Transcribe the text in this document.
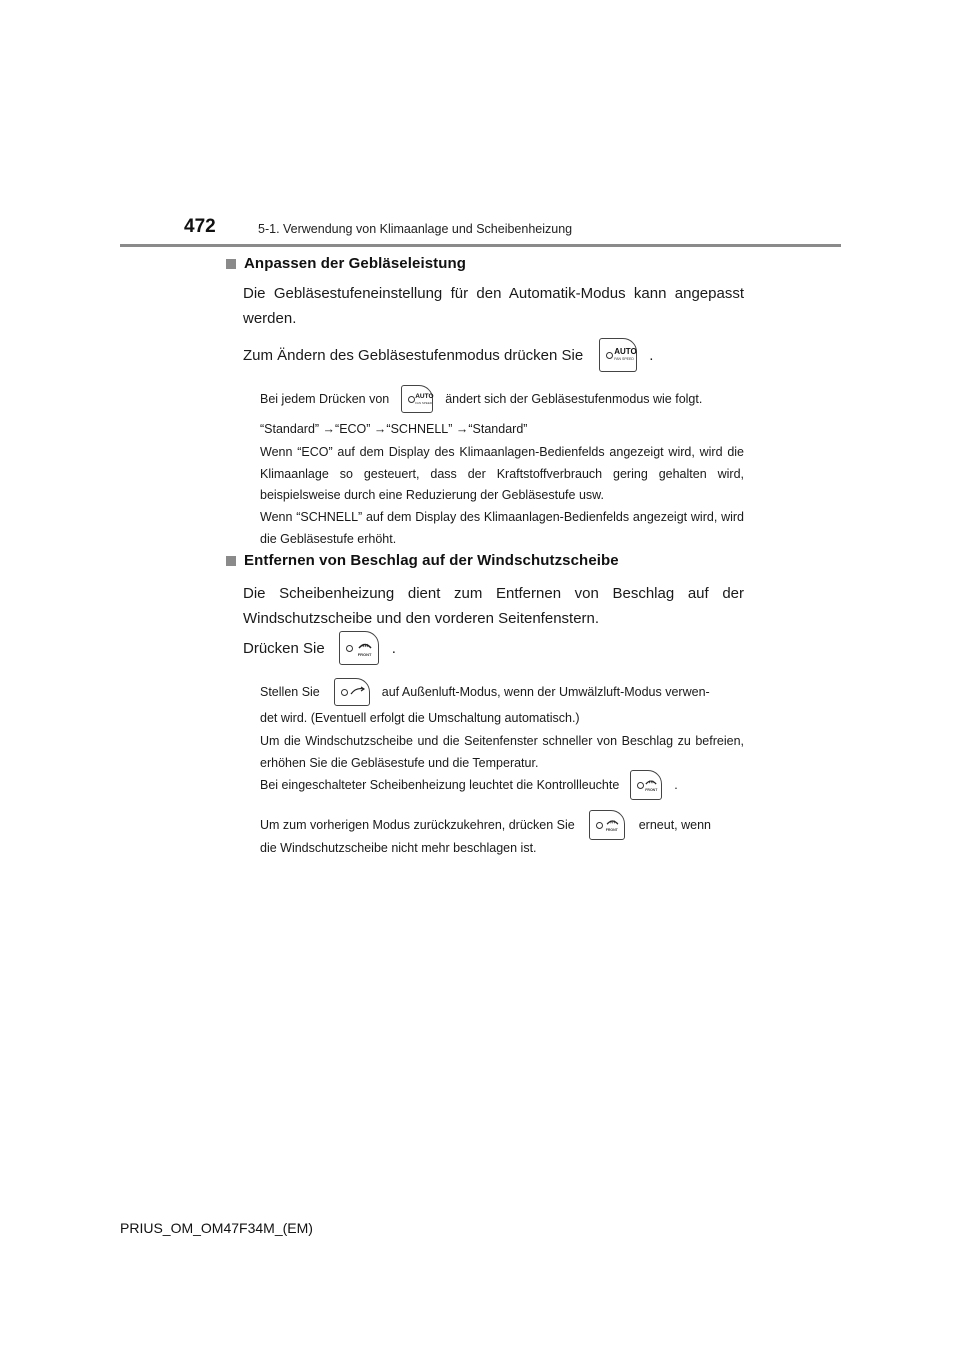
472	5-1. Verwendung von Klimaanlage und Scheibenheizung
Anpassen der Gebläseleistung
Die Gebläsestufeneinstellung für den Automatik-Modus kann angepasst werden.
Zum Ändern des Gebläsestufenmodus drücken Sie	AUTO
FAN SPEED .
Bei jedem Drücken von	AUTO
FAN SPEED ändert sich der Gebläsestufenmodus wie folgt.
“Standard” →“ECO” →“SCHNELL” →“Standard”
Wenn “ECO” auf dem Display des Klimaanlagen-Bedienfelds angezeigt wird, wird die Klimaanlage so gesteuert, dass der Kraftstoffverbrauch gering gehalten wird, beispielsweise durch eine Reduzierung der Gebläsestufe usw.
Wenn “SCHNELL” auf dem Display des Klimaanlagen-Bedienfelds angezeigt wird, wird die Gebläsestufe erhöht.
Entfernen von Beschlag auf der Windschutzscheibe
Die Scheibenheizung dient zum Entfernen von Beschlag auf der Windschutzscheibe und den vorderen Seitenfenstern.
Drücken Sie	FRONT .
Stellen Sie	auf Außenluft-Modus, wenn der Umwälzluft-Modus verwen-
det wird. (Eventuell erfolgt die Umschaltung automatisch.)
Um die Windschutzscheibe und die Seitenfenster schneller von Beschlag zu befreien, erhöhen Sie die Gebläsestufe und die Temperatur.
Bei eingeschalteter Scheibenheizung leuchtet die Kontrollleuchte	FRONT .
Um zum vorherigen Modus zurückzukehren, drücken Sie	FRONT erneut, wenn
die Windschutzscheibe nicht mehr beschlagen ist.
PRIUS_OM_OM47F34M_(EM)
